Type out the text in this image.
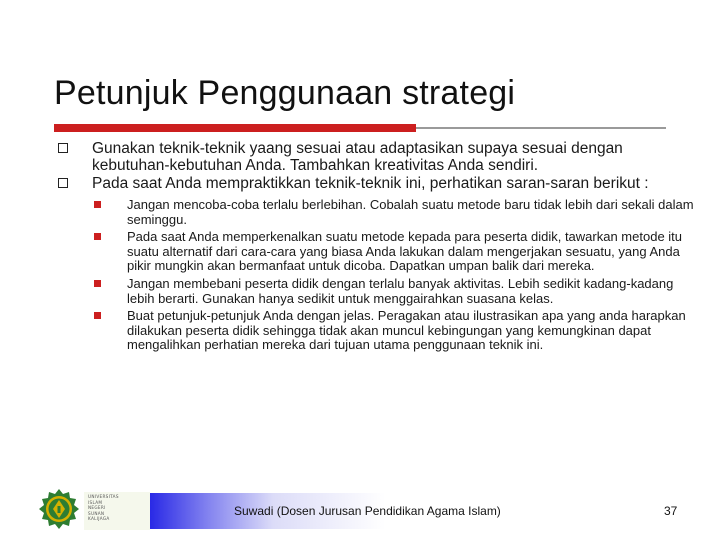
Petunjuk Penggunaan strategi
Gunakan teknik-teknik yaang sesuai atau adaptasikan supaya sesuai dengan kebutuhan-kebutuhan Anda. Tambahkan kreativitas Anda sendiri.
Pada saat Anda mempraktikkan teknik-teknik ini, perhatikan saran-saran berikut :
Jangan mencoba-coba terlalu berlebihan. Cobalah suatu metode baru tidak lebih dari sekali dalam seminggu.
Pada saat Anda memperkenalkan suatu metode kepada para peserta didik, tawarkan metode itu suatu alternatif dari cara-cara yang biasa Anda lakukan dalam mengerjakan sesuatu, yang Anda pikir mungkin akan bermanfaat untuk dicoba. Dapatkan umpan balik dari mereka.
Jangan membebani peserta didik dengan terlalu banyak aktivitas. Lebih sedikit kadang-kadang lebih berarti. Gunakan hanya sedikit untuk menggairahkan suasana kelas.
Buat petunjuk-petunjuk Anda dengan jelas. Peragakan atau ilustrasikan apa yang anda harapkan dilakukan peserta didik sehingga tidak akan muncul kebingungan yang kemungkinan dapat mengalihkan perhatian mereka dari tujuan utama penggunaan teknik ini.
UNIVERSITAS
ISLAM
NEGERI
SUNAN
KALIJAGA
Suwadi (Dosen Jurusan Pendidikan Agama Islam)	37
